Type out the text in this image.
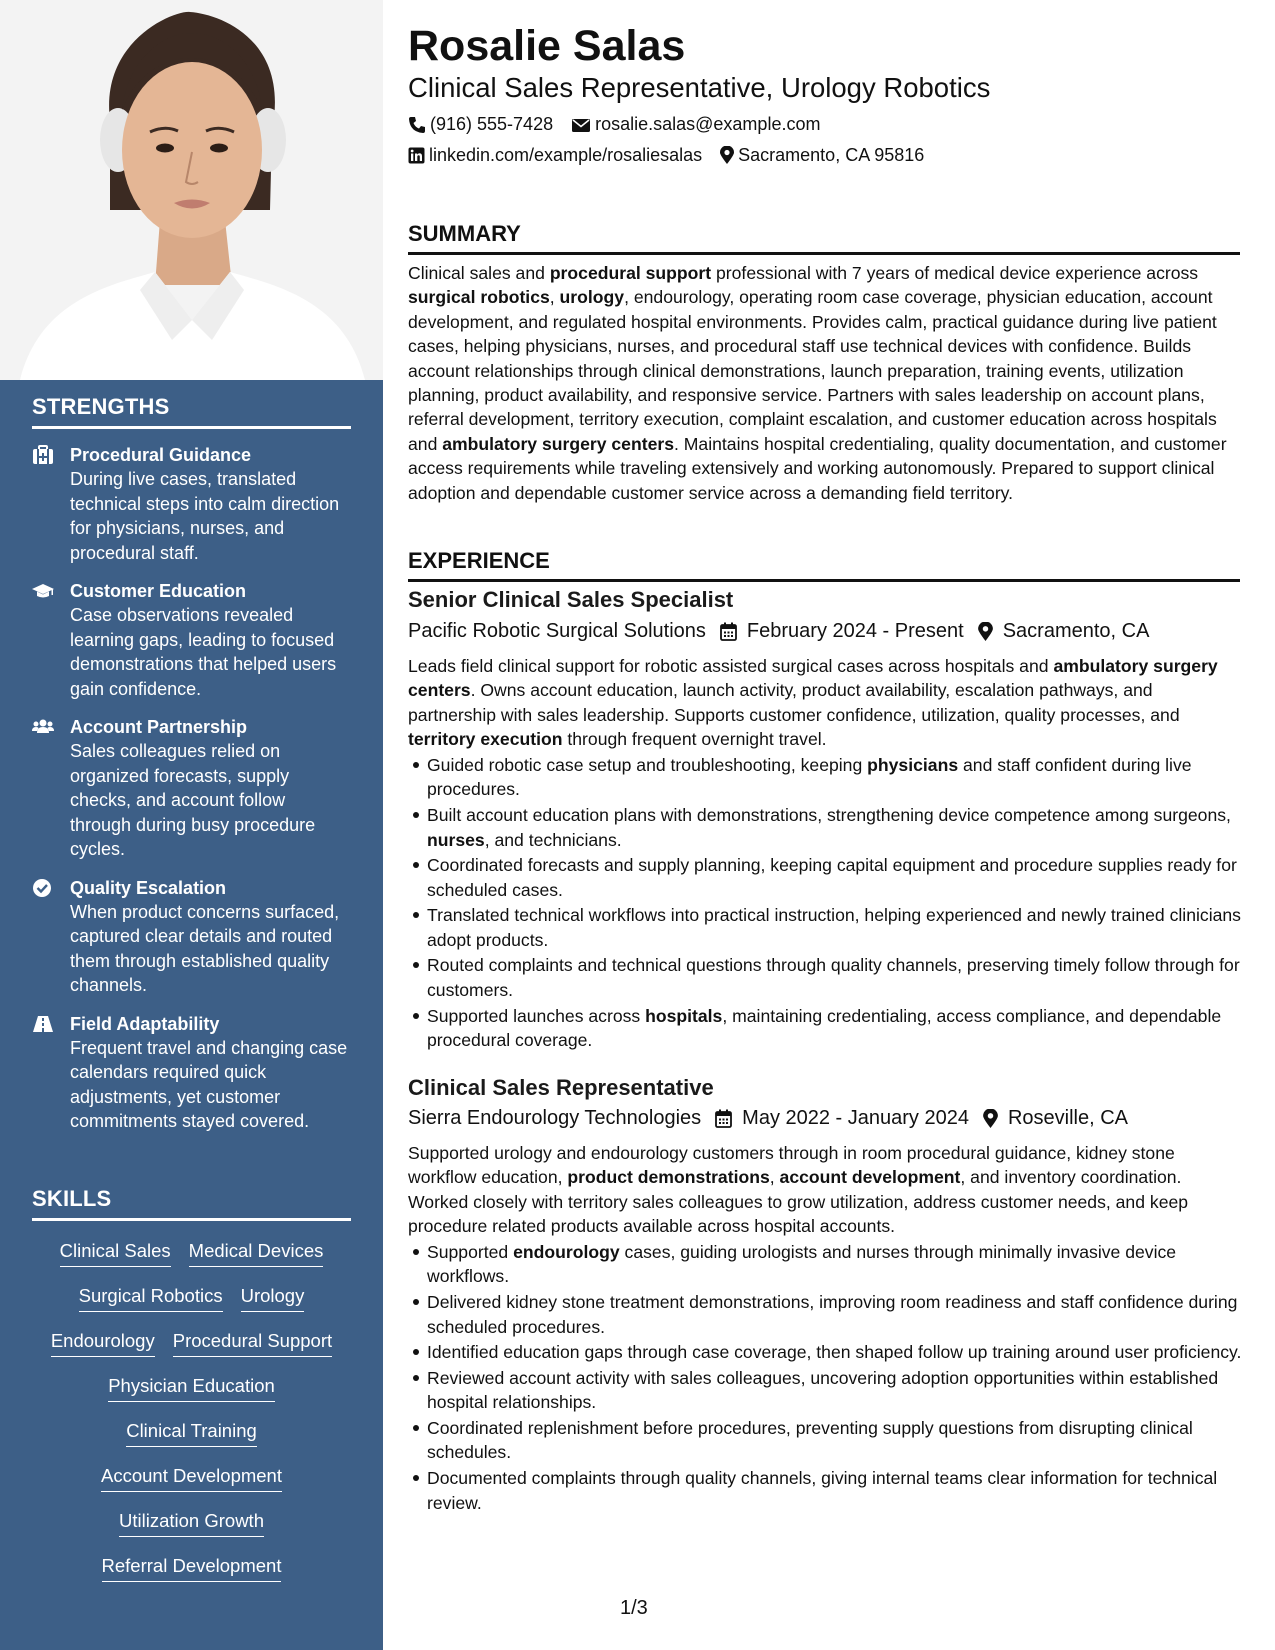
STRENGTHS
Procedural Guidance
During live cases, translated technical steps into calm direction for physicians, nurses, and procedural staff.
Customer Education
Case observations revealed learning gaps, leading to focused demonstrations that helped users gain confidence.
Account Partnership
Sales colleagues relied on organized forecasts, supply checks, and account follow through during busy procedure cycles.
Quality Escalation
When product concerns surfaced, captured clear details and routed them through established quality channels.
Field Adaptability
Frequent travel and changing case calendars required quick adjustments, yet customer commitments stayed covered.
SKILLS
Clinical Sales Medical Devices
Surgical Robotics Urology
Endourology Procedural Support
Physician Education
Clinical Training
Account Development
Utilization Growth
Referral Development
Rosalie Salas
Clinical Sales Representative, Urology Robotics
(916) 555-7428 rosalie.salas@example.com
linkedin.com/example/rosaliesalas Sacramento, CA 95816
SUMMARY

Clinical sales and procedural support professional with 7 years of medical device experience across surgical robotics, urology, endourology, operating room case coverage, physician education, account development, and regulated hospital environments. Provides calm, practical guidance during live patient cases, helping physicians, nurses, and procedural staff use technical devices with confidence. Builds account relationships through clinical demonstrations, launch preparation, training events, utilization planning, product availability, and responsive service. Partners with sales leadership on account plans, referral development, territory execution, complaint escalation, and customer education across hospitals and ambulatory surgery centers. Maintains hospital credentialing, quality documentation, and customer access requirements while traveling extensively and working autonomously. Prepared to support clinical adoption and dependable customer service across a demanding field territory.

EXPERIENCE
Senior Clinical Sales Specialist
Pacific Robotic Surgical Solutions February 2024 - Present Sacramento, CA

Leads field clinical support for robotic assisted surgical cases across hospitals and ambulatory surgery centers. Owns account education, launch activity, product availability, escalation pathways, and partnership with sales leadership. Supports customer confidence, utilization, quality processes, and territory execution through frequent overnight travel.

Guided robotic case setup and troubleshooting, keeping physicians and staff confident during live procedures.
Built account education plans with demonstrations, strengthening device competence among surgeons, nurses, and technicians.
Coordinated forecasts and supply planning, keeping capital equipment and procedure supplies ready for scheduled cases.
Translated technical workflows into practical instruction, helping experienced and newly trained clinicians adopt products.
Routed complaints and technical questions through quality channels, preserving timely follow through for customers.
Supported launches across hospitals, maintaining credentialing, access compliance, and dependable procedural coverage.
Clinical Sales Representative
Sierra Endourology Technologies May 2022 - January 2024 Roseville, CA

Supported urology and endourology customers through in room procedural guidance, kidney stone workflow education, product demonstrations, account development, and inventory coordination. Worked closely with territory sales colleagues to grow utilization, address customer needs, and keep procedure related products available across hospital accounts.

Supported endourology cases, guiding urologists and nurses through minimally invasive device workflows.
Delivered kidney stone treatment demonstrations, improving room readiness and staff confidence during scheduled procedures.
Identified education gaps through case coverage, then shaped follow up training around user proficiency.
Reviewed account activity with sales colleagues, uncovering adoption opportunities within established hospital relationships.
Coordinated replenishment before procedures, preventing supply questions from disrupting clinical schedules.
Documented complaints through quality channels, giving internal teams clear information for technical review.
1/3
